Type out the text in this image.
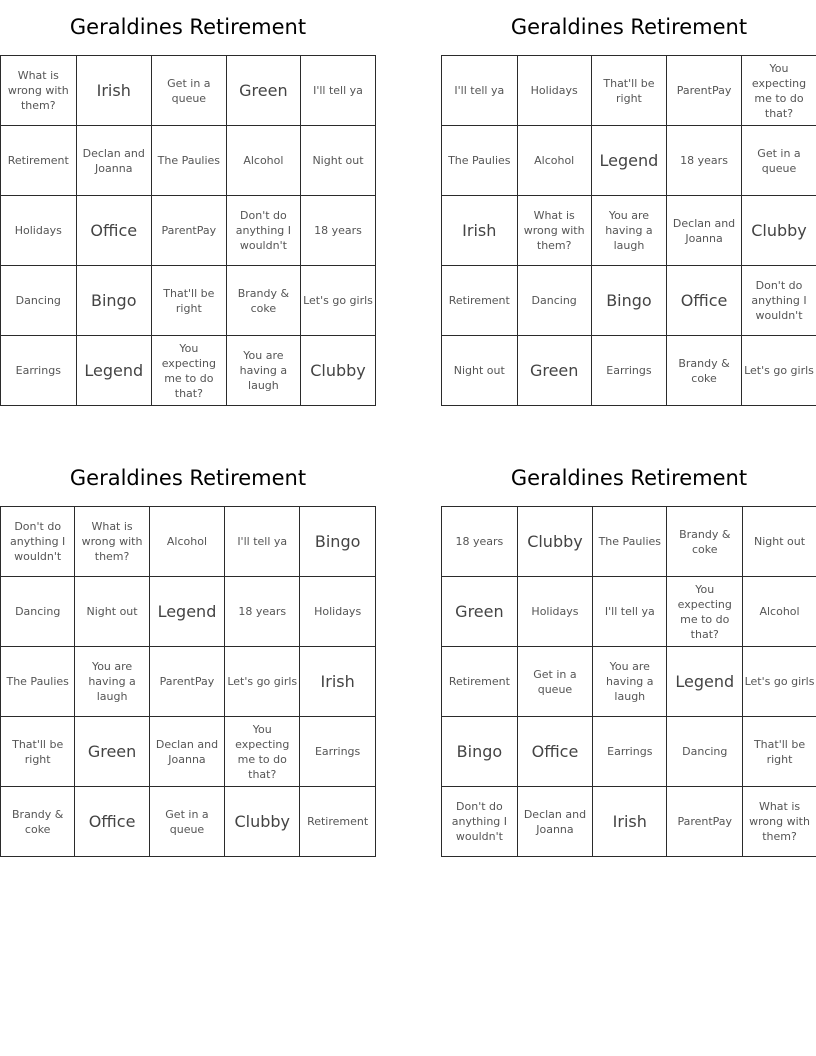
Geraldines Retirement
What is wrong with them?	Irish	Get in a queue	Green	I'll tell ya
Retirement	Declan and Joanna	The Paulies	Alcohol	Night out
Holidays	Office	ParentPay	Don't do anything I wouldn't	18 years
Dancing	Bingo	That'll be right	Brandy & coke	Let's go girls
Earrings	Legend	You expecting me to do that?	You are having a laugh	Clubby
Geraldines Retirement
I'll tell ya	Holidays	That'll be right	ParentPay	You expecting me to do that?
The Paulies	Alcohol	Legend	18 years	Get in a queue
Irish	What is wrong with them?	You are having a laugh	Declan and Joanna	Clubby
Retirement	Dancing	Bingo	Office	Don't do anything I wouldn't
Night out	Green	Earrings	Brandy & coke	Let's go girls
Geraldines Retirement
Don't do anything I wouldn't	What is wrong with them?	Alcohol	I'll tell ya	Bingo
Dancing	Night out	Legend	18 years	Holidays
The Paulies	You are having a laugh	ParentPay	Let's go girls	Irish
That'll be right	Green	Declan and Joanna	You expecting me to do that?	Earrings
Brandy & coke	Office	Get in a queue	Clubby	Retirement
Geraldines Retirement
18 years	Clubby	The Paulies	Brandy & coke	Night out
Green	Holidays	I'll tell ya	You expecting me to do that?	Alcohol
Retirement	Get in a queue	You are having a laugh	Legend	Let's go girls
Bingo	Office	Earrings	Dancing	That'll be right
Don't do anything I wouldn't	Declan and Joanna	Irish	ParentPay	What is wrong with them?
